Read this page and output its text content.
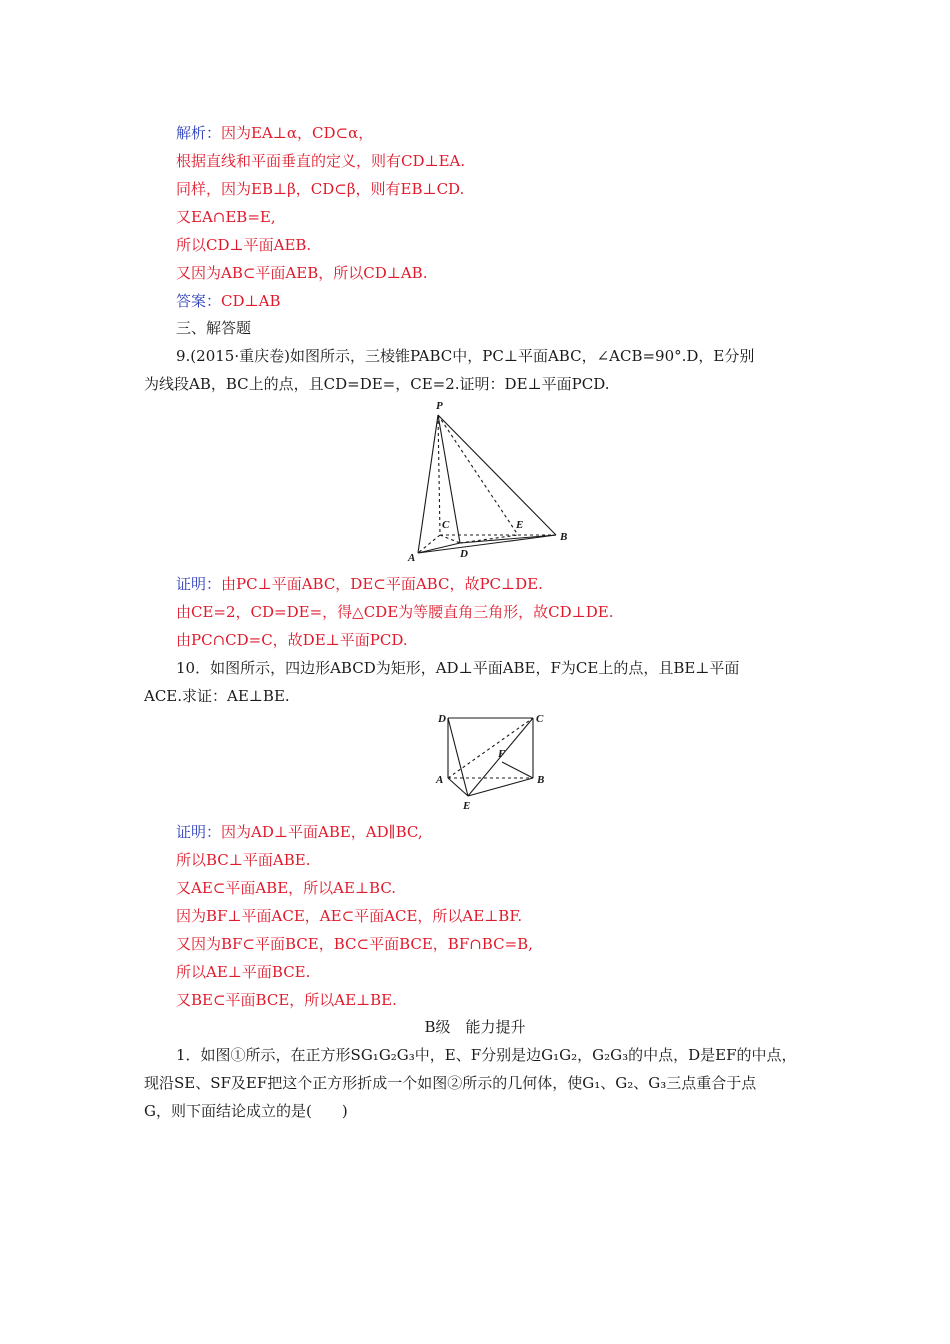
解析：因为EA⊥α，CD⊂α，
根据直线和平面垂直的定义，则有CD⊥EA.
同样，因为EB⊥β，CD⊂β，则有EB⊥CD.
又EA∩EB=E,
所以CD⊥平面AEB.
又因为AB⊂平面AEB，所以CD⊥AB.
答案：CD⊥AB
三、解答题
9.(2015·重庆卷)如图所示，三棱锥PABC中，PC⊥平面ABC，∠ACB=90°.D，E分别
为线段AB，BC上的点，且CD=DE=，CE=2.证明：DE⊥平面PCD.
P
C	E
B
A	D
证明：由PC⊥平面ABC，DE⊂平面ABC，故PC⊥DE.
由CE=2，CD=DE=，得△CDE为等腰直角三角形，故CD⊥DE.
由PC∩CD=C，故DE⊥平面PCD.
10．如图所示，四边形ABCD为矩形，AD⊥平面ABE，F为CE上的点，且BE⊥平面
ACE.求证：AE⊥BE.
D	C
F
A	B
E
证明：因为AD⊥平面ABE，AD∥BC,
所以BC⊥平面ABE.
又AE⊂平面ABE，所以AE⊥BC.
因为BF⊥平面ACE，AE⊂平面ACE，所以AE⊥BF.
又因为BF⊂平面BCE，BC⊂平面BCE，BF∩BC=B,
所以AE⊥平面BCE.
又BE⊂平面BCE，所以AE⊥BE.
B级　能力提升
1．如图①所示，在正方形SG₁G₂G₃中，E、F分别是边G₁G₂，G₂G₃的中点，D是EF的中点，
现沿SE、SF及EF把这个正方形折成一个如图②所示的几何体，使G₁、G₂、G₃三点重合于点
G，则下面结论成立的是(　　)
